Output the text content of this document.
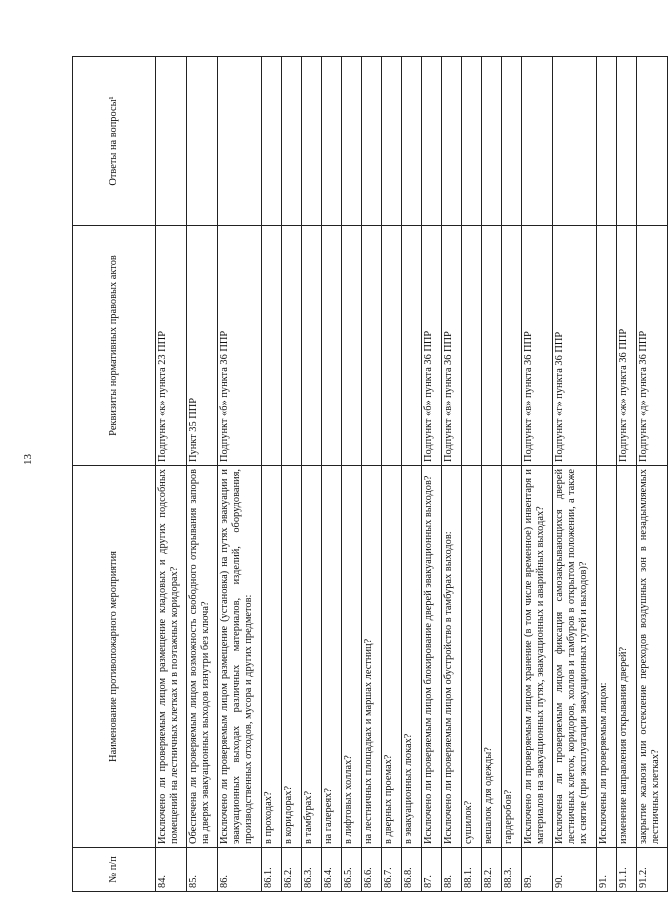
13
№ п/п	Наименование противопожарного мероприятия	Реквизиты нормативных правовых актов	Ответы на вопросы¹
84.	Исключено ли проверяемым лицом размещение кладовых и других подсобных помещений на лестничных клетках и в поэтажных коридорах?	Подпункт «к» пункта 23 ППР	
85.	Обеспечена ли проверяемым лицом возможность свободного открывания запоров на дверях эвакуационных выходов изнутри без ключа?	Пункт 35 ППР	
86.	Исключено ли проверяемым лицом размещение (установка) на путях эвакуации и эвакуационных выходах различных материалов, изделий, оборудования, производственных отходов, мусора и других предметов:	Подпункт «б» пункта 36 ППР	
86.1.	в проходах?		
86.2.	в коридорах?		
86.3.	в тамбурах?		
86.4.	на галереях?		
86.5.	в лифтовых холлах?		
86.6.	на лестничных площадках и маршах лестниц?		
86.7.	в дверных проемах?		
86.8.	в эвакуационных люках?		
87.	Исключено ли проверяемым лицом блокирование дверей эвакуационных выходов?	Подпункт «б» пункта 36 ППР	
88.	Исключено ли проверяемым лицом обустройство в тамбурах выходов:	Подпункт «в» пункта 36 ППР	
88.1.	сушилок?		
88.2.	вешалок для одежды?		
88.3.	гардеробов?		
89.	Исключено ли проверяемым лицом хранение (в том числе временное) инвентаря и материалов на эвакуационных путях, эвакуационных и аварийных выходах?	Подпункт «в» пункта 36 ППР	
90.	Исключена ли проверяемым лицом фиксация самозакрывающихся дверей лестничных клеток, коридоров, холлов и тамбуров в открытом положении, а также их снятие (при эксплуатации эвакуационных путей и выходов)?	Подпункт «г» пункта 36 ППР	
91.	Исключены ли проверяемым лицом:		
91.1.	изменение направления открывания дверей?	Подпункт «ж» пункта 36 ППР	
91.2.	закрытие жалюзи или остекление переходов воздушных зон в незадымляемых лестничных клетках?	Подпункт «д» пункта 36 ППР	
